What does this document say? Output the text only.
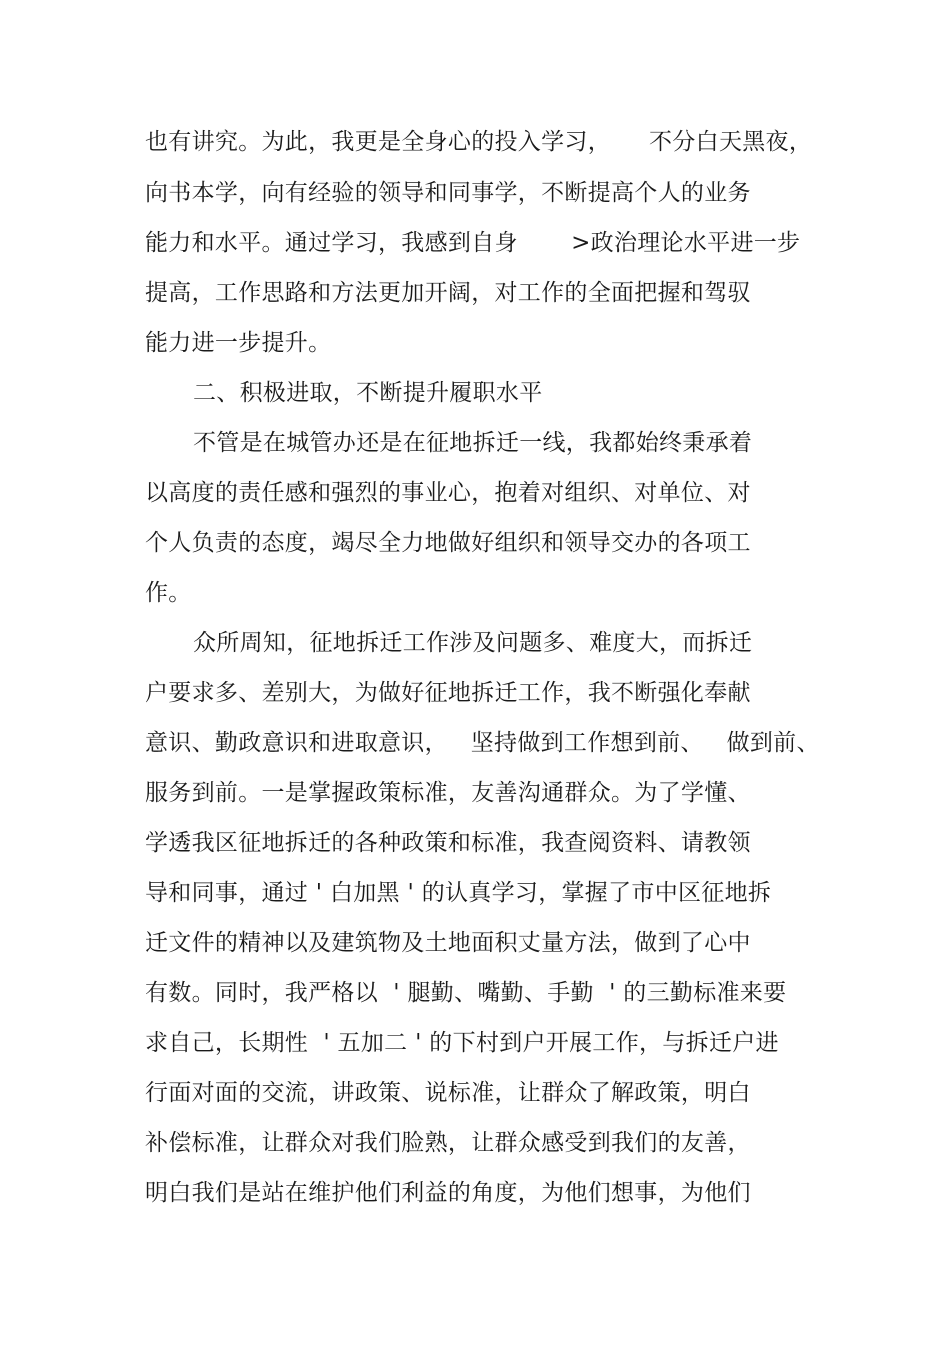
也有讲究。为此，我更是全身心的投入学习，     不分白天黑夜，

向书本学，向有经验的领导和同事学，不断提高个人的业务

能力和水平。通过学习，我感到自身       >政治理论水平进一步

提高，工作思路和方法更加开阔，对工作的全面把握和驾驭

能力进一步提升。

二、积极进取，不断提升履职水平

不管是在城管办还是在征地拆迁一线，我都始终秉承着

以高度的责任感和强烈的事业心，抱着对组织、对单位、对

个人负责的态度，竭尽全力地做好组织和领导交办的各项工

作。

众所周知，征地拆迁工作涉及问题多、难度大，而拆迁

户要求多、差别大，为做好征地拆迁工作，我不断强化奉献

意识、勤政意识和进取意识，   坚持做到工作想到前、   做到前、

服务到前。一是掌握政策标准，友善沟通群众。为了学懂、

学透我区征地拆迁的各种政策和标准，我查阅资料、请教领

导和同事，通过 ' 白加黑 ' 的认真学习，掌握了市中区征地拆

迁文件的精神以及建筑物及土地面积丈量方法，做到了心中

有数。同时，我严格以  ' 腿勤、嘴勤、手勤  ' 的三勤标准来要

求自己，长期性  ' 五加二 ' 的下村到户开展工作，与拆迁户进

行面对面的交流，讲政策、说标准，让群众了解政策，明白

补偿标准，让群众对我们脸熟，让群众感受到我们的友善，

明白我们是站在维护他们利益的角度，为他们想事，为他们
